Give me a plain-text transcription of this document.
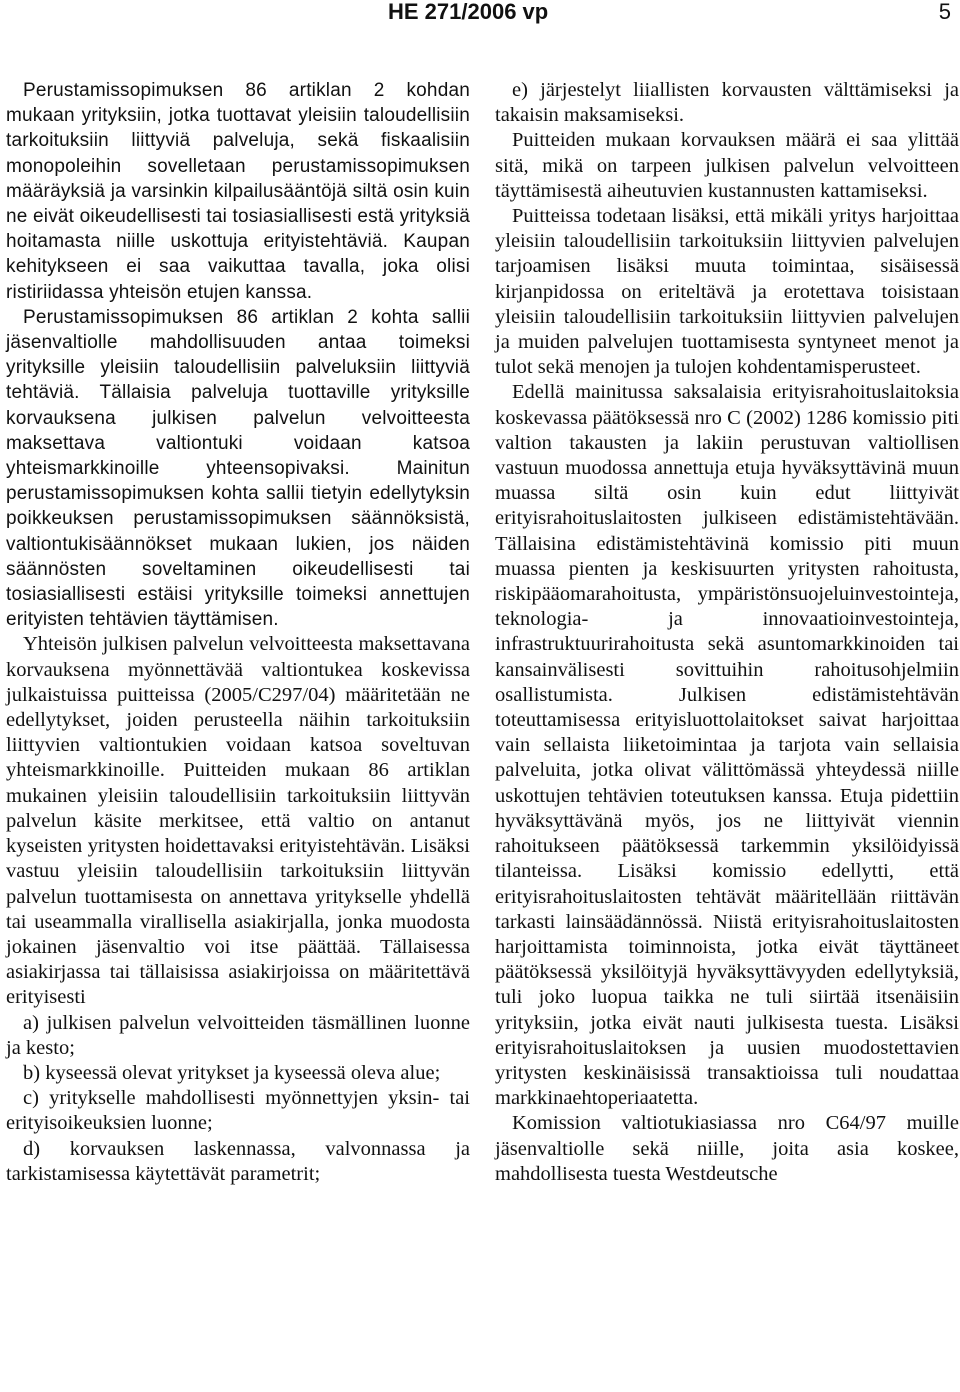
HE 271/2006 vp	5

Perustamissopimuksen 86 artiklan 2 kohdan mukaan yrityksiin, jotka tuottavat yleisiin taloudellisiin tarkoituksiin liittyviä palveluja, sekä fiskaalisiin monopoleihin sovelletaan perustamissopimuksen määräyksiä ja varsinkin kilpailusääntöjä siltä osin kuin ne eivät oikeudellisesti tai tosiasiallisesti estä yrityksiä hoitamasta niille uskottuja erityistehtäviä. Kaupan kehitykseen ei saa vaikuttaa tavalla, joka olisi ristiriidassa yhteisön etujen kanssa.

Perustamissopimuksen 86 artiklan 2 kohta sallii jäsenvaltiolle mahdollisuuden antaa toimeksi yrityksille yleisiin taloudellisiin palveluksiin liittyviä tehtäviä. Tällaisia palveluja tuottaville yrityksille korvauksena julkisen palvelun velvoitteesta maksettava valtiontuki voidaan katsoa yhteismarkkinoille yhteensopivaksi. Mainitun perustamissopimuksen kohta sallii tietyin edellytyksin poikkeuksen perustamissopimuksen säännöksistä, valtiontukisäännökset mukaan lukien, jos näiden säännösten soveltaminen oikeudellisesti tai tosiasiallisesti estäisi yrityksille toimeksi annettujen erityisten tehtävien täyttämisen.

Yhteisön julkisen palvelun velvoitteesta maksettavana korvauksena myönnettävää valtiontukea koskevissa julkaistuissa puitteissa (2005/C297/04) määritetään ne edellytykset, joiden perusteella näihin tarkoituksiin liittyvien valtiontukien voidaan katsoa soveltuvan yhteismarkkinoille. Puitteiden mukaan 86 artiklan mukainen yleisiin taloudellisiin tarkoituksiin liittyvän palvelun käsite merkitsee, että valtio on antanut kyseisten yritysten hoidettavaksi erityistehtävän. Lisäksi vastuu yleisiin taloudellisiin tarkoituksiin liittyvän palvelun tuottamisesta on annettava yritykselle yhdellä tai useammalla virallisella asiakirjalla, jonka muodosta jokainen jäsenvaltio voi itse päättää. Tällaisessa asiakirjassa tai tällaisissa asiakirjoissa on määritettävä erityisesti

a) julkisen palvelun velvoitteiden täsmällinen luonne ja kesto;

b) kyseessä olevat yritykset ja kyseessä oleva alue;

c) yritykselle mahdollisesti myönnettyjen yksin- tai erityisoikeuksien luonne;

d) korvauksen laskennassa, valvonnassa ja tarkistamisessa käytettävät parametrit;

e) järjestelyt liiallisten korvausten välttämiseksi ja takaisin maksamiseksi.

Puitteiden mukaan korvauksen määrä ei saa ylittää sitä, mikä on tarpeen julkisen palvelun velvoitteen täyttämisestä aiheutuvien kustannusten kattamiseksi.

Puitteissa todetaan lisäksi, että mikäli yritys harjoittaa yleisiin taloudellisiin tarkoituksiin liittyvien palvelujen tarjoamisen lisäksi muuta toimintaa, sisäisessä kirjanpidossa on eriteltävä ja erotettava toisistaan yleisiin taloudellisiin tarkoituksiin liittyvien palvelujen ja muiden palvelujen tuottamisesta syntyneet menot ja tulot sekä menojen ja tulojen kohdentamisperusteet.

Edellä mainitussa saksalaisia erityisrahoituslaitoksia koskevassa päätöksessä nro C (2002) 1286 komissio piti valtion takausten ja lakiin perustuvan valtiollisen vastuun muodossa annettuja etuja hyväksyttävinä muun muassa siltä osin kuin edut liittyivät erityisrahoituslaitosten julkiseen edistämistehtävään. Tällaisina edistämistehtävinä komissio piti muun muassa pienten ja keskisuurten yritysten rahoitusta, riskipääomarahoitusta, ympäristönsuojeluinvestointeja, teknologia- ja innovaatioinvestointeja, infrastruktuurirahoitusta sekä asuntomarkkinoiden tai kansainvälisesti sovittuihin rahoitusohjelmiin osallistumista. Julkisen edistämistehtävän toteuttamisessa erityisluottolaitokset saivat harjoittaa vain sellaista liiketoimintaa ja tarjota vain sellaisia palveluita, jotka olivat välittömässä yhteydessä niille uskottujen tehtävien toteutuksen kanssa. Etuja pidettiin hyväksyttävänä myös, jos ne liittyivät viennin rahoitukseen päätöksessä tarkemmin yksilöidyissä tilanteissa. Lisäksi komissio edellytti, että erityisrahoituslaitosten tehtävät määritellään riittävän tarkasti lainsäädännössä. Niistä erityisrahoituslaitosten harjoittamista toiminnoista, jotka eivät täyttäneet päätöksessä yksilöityjä hyväksyttävyyden edellytyksiä, tuli joko luopua taikka ne tuli siirtää itsenäisiin yrityksiin, jotka eivät nauti julkisesta tuesta. Lisäksi erityisrahoituslaitoksen ja uusien muodostettavien yritysten keskinäisissä transaktioissa tuli noudattaa markkinaehtoperiaatetta.

Komission valtiotukiasiassa nro C64/97 muille jäsenvaltiolle sekä niille, joita asia koskee, mahdollisesta tuesta Westdeutsche
